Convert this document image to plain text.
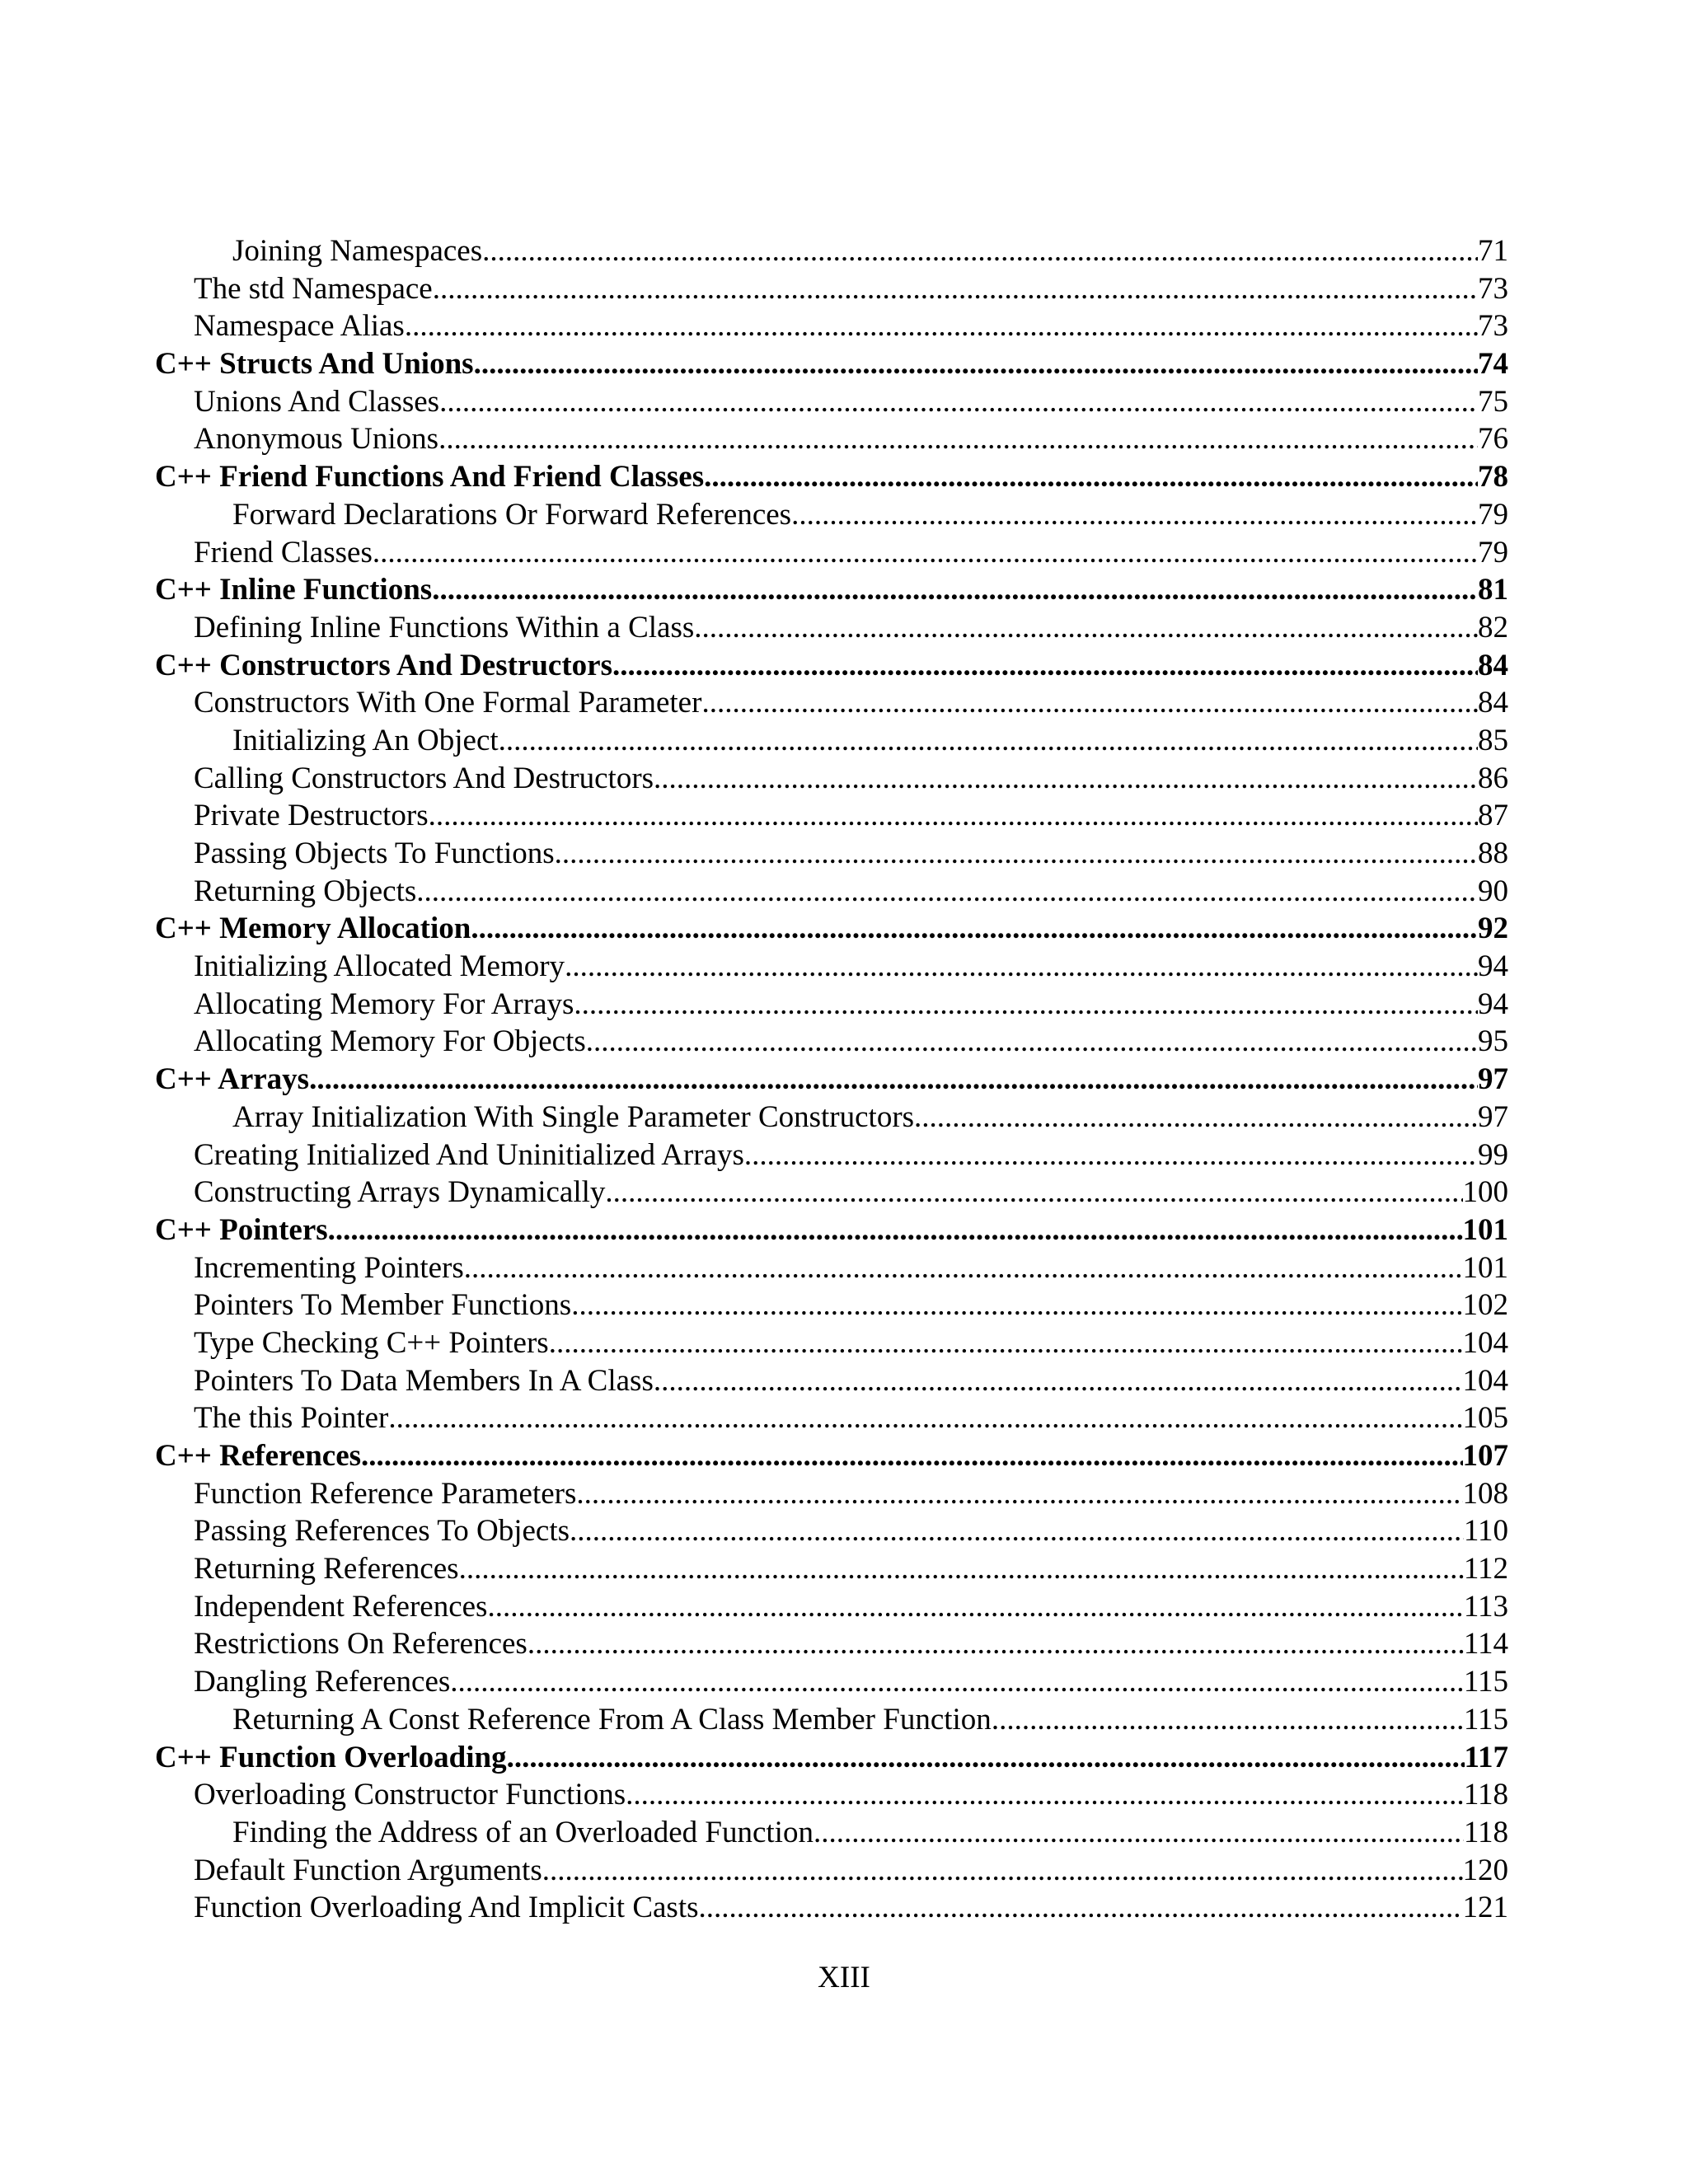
Joining Namespaces .....	71
The std Namespace .....	73
Namespace Alias .....	73
C++ Structs And Unions .....	74
Unions And Classes .....	75
Anonymous Unions .....	76
C++ Friend Functions And Friend Classes .....	78
Forward Declarations Or Forward References .....	79
Friend Classes .....	79
C++ Inline Functions .....	81
Defining Inline Functions Within a Class .....	82
C++ Constructors And Destructors .....	84
Constructors With One Formal Parameter .....	84
Initializing An Object .....	85
Calling Constructors And Destructors .....	86
Private Destructors .....	87
Passing Objects To Functions .....	88
Returning Objects .....	90
C++ Memory Allocation .....	92
Initializing Allocated Memory .....	94
Allocating Memory For Arrays .....	94
Allocating Memory For Objects .....	95
C++ Arrays .....	97
Array Initialization With Single Parameter Constructors .....	97
Creating Initialized And Uninitialized Arrays .....	99
Constructing Arrays Dynamically .....	100
C++ Pointers .....	101
Incrementing Pointers .....	101
Pointers To Member Functions .....	102
Type Checking C++ Pointers .....	104
Pointers To Data Members In A Class .....	104
The this Pointer .....	105
C++ References .....	107
Function Reference Parameters .....	108
Passing References To Objects .....	110
Returning References .....	112
Independent References .....	113
Restrictions On References .....	114
Dangling References .....	115
Returning A Const Reference From A Class Member Function .....	115
C++ Function Overloading .....	117
Overloading Constructor Functions .....	118
Finding the Address of an Overloaded Function .....	118
Default Function Arguments .....	120
Function Overloading And Implicit Casts .....	121
XIII
